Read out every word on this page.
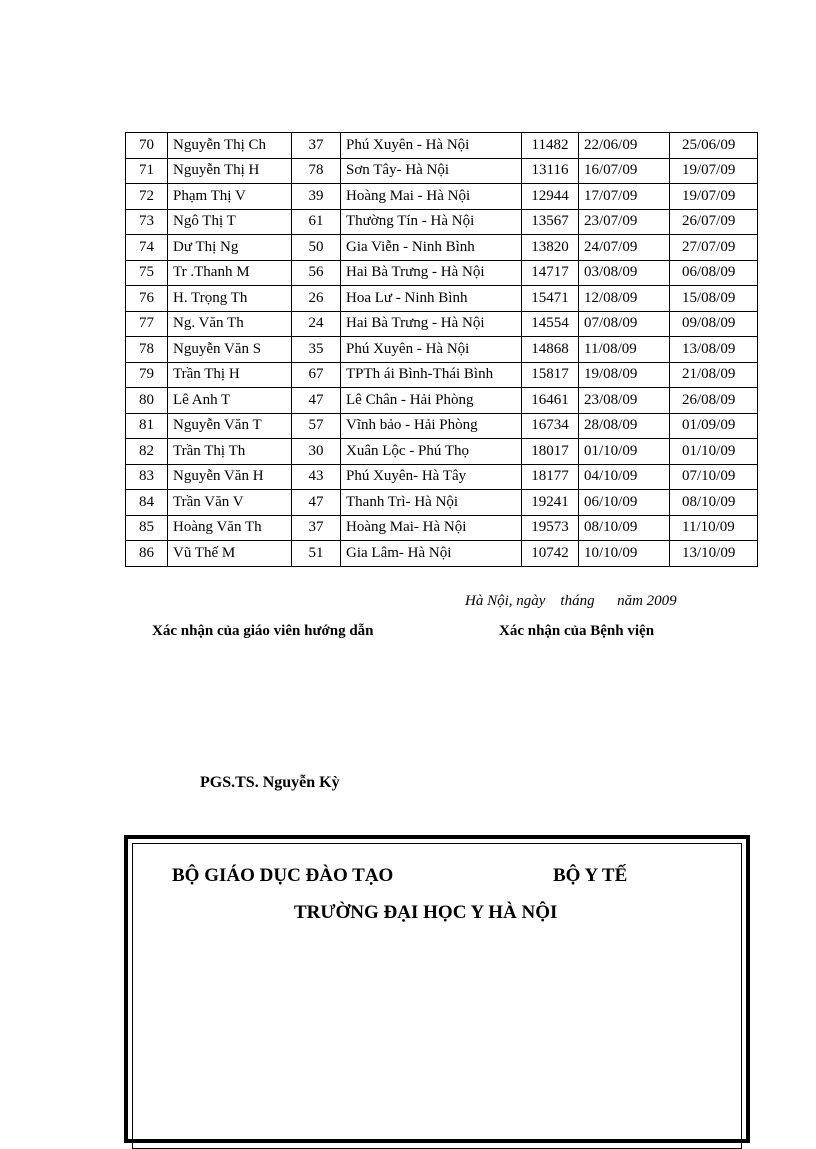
70	Nguyễn Thị Ch	37	Phú Xuyên - Hà Nội	11482	22/06/09	25/06/09
71	Nguyễn Thị H	78	Sơn Tây- Hà Nội	13116	16/07/09	19/07/09
72	Phạm Thị V	39	Hoàng Mai - Hà Nội	12944	17/07/09	19/07/09
73	Ngô Thị T	61	Thường Tín - Hà Nội	13567	23/07/09	26/07/09
74	Dư Thị Ng	50	Gia Viễn - Ninh Bình	13820	24/07/09	27/07/09
75	Tr .Thanh M	56	Hai Bà Trưng - Hà Nội	14717	03/08/09	06/08/09
76	H. Trọng Th	26	Hoa Lư - Ninh Bình	15471	12/08/09	15/08/09
77	Ng. Văn Th	24	Hai Bà Trưng - Hà Nội	14554	07/08/09	09/08/09
78	Nguyễn Văn S	35	Phú Xuyên - Hà Nội	14868	11/08/09	13/08/09
79	Trần Thị H	67	TPTh ái Bình-Thái Bình	15817	19/08/09	21/08/09
80	Lê Anh T	47	Lê Chân - Hải Phòng	16461	23/08/09	26/08/09
81	Nguyễn Văn T	57	Vĩnh bảo - Hải Phòng	16734	28/08/09	01/09/09
82	Trần Thị Th	30	Xuân Lộc - Phú Thọ	18017	01/10/09	01/10/09
83	Nguyễn Văn H	43	Phú Xuyên- Hà Tây	18177	04/10/09	07/10/09
84	Trần Văn V	47	Thanh Trì- Hà Nội	19241	06/10/09	08/10/09
85	Hoàng Văn Th	37	Hoàng Mai- Hà Nội	19573	08/10/09	11/10/09
86	Vũ Thế M	51	Gia Lâm- Hà Nội	10742	10/10/09	13/10/09
Hà Nội, ngày    tháng      năm 2009
Xác nhận của giáo viên hướng dẫn	Xác nhận của Bệnh viện
PGS.TS. Nguyễn Kỳ
BỘ GIÁO DỤC ĐÀO TẠO	BỘ Y TẾ
TRƯỜNG ĐẠI HỌC Y HÀ NỘI
